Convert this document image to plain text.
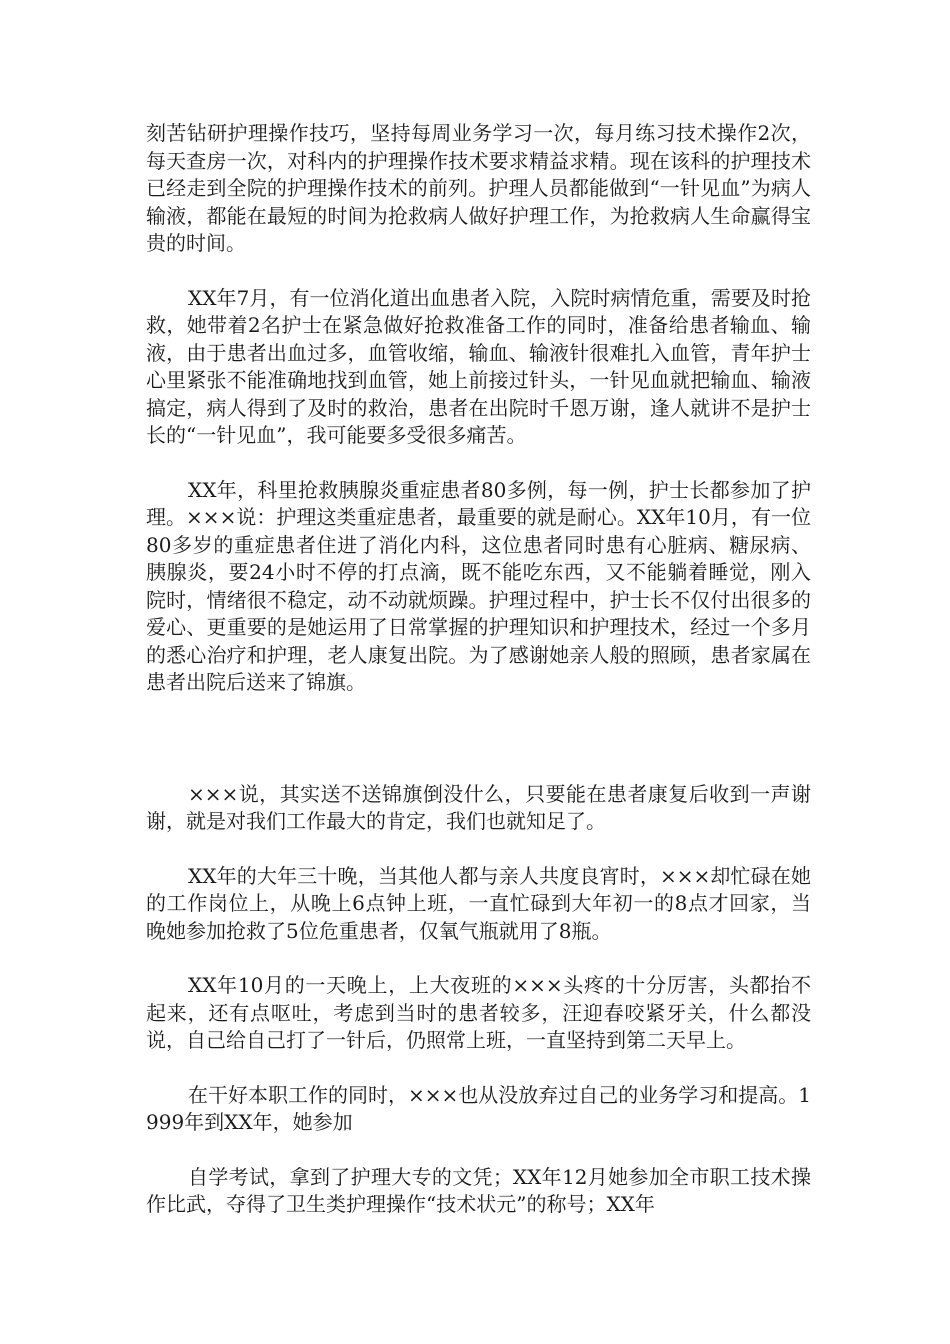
刻苦钻研护理操作技巧，坚持每周业务学习一次，每月练习技术操作2次，每天查房一次，对科内的护理操作技术要求精益求精。现在该科的护理技术已经走到全院的护理操作技术的前列。护理人员都能做到“一针见血”为病人输液，都能在最短的时间为抢救病人做好护理工作，为抢救病人生命赢得宝贵的时间。

XX年7月，有一位消化道出血患者入院，入院时病情危重，需要及时抢救，她带着2名护士在紧急做好抢救准备工作的同时，准备给患者输血、输液，由于患者出血过多，血管收缩，输血、输液针很难扎入血管，青年护士心里紧张不能准确地找到血管，她上前接过针头，一针见血就把输血、输液搞定，病人得到了及时的救治，患者在出院时千恩万谢，逢人就讲不是护士长的“一针见血”，我可能要多受很多痛苦。

XX年，科里抢救胰腺炎重症患者80多例，每一例，护士长都参加了护理。×××说：护理这类重症患者，最重要的就是耐心。XX年10月，有一位80多岁的重症患者住进了消化内科，这位患者同时患有心脏病、糖尿病、胰腺炎，要24小时不停的打点滴，既不能吃东西，又不能躺着睡觉，刚入院时，情绪很不稳定，动不动就烦躁。护理过程中，护士长不仅付出很多的爱心、更重要的是她运用了日常掌握的护理知识和护理技术，经过一个多月的悉心治疗和护理，老人康复出院。为了感谢她亲人般的照顾，患者家属在患者出院后送来了锦旗。

×××说，其实送不送锦旗倒没什么，只要能在患者康复后收到一声谢谢，就是对我们工作最大的肯定，我们也就知足了。

XX年的大年三十晚，当其他人都与亲人共度良宵时，×××却忙碌在她的工作岗位上，从晚上6点钟上班，一直忙碌到大年初一的8点才回家，当晚她参加抢救了5位危重患者，仅氧气瓶就用了8瓶。

XX年10月的一天晚上，上大夜班的×××头疼的十分厉害，头都抬不起来，还有点呕吐，考虑到当时的患者较多，汪迎春咬紧牙关，什么都没说，自己给自己打了一针后，仍照常上班，一直坚持到第二天早上。

在干好本职工作的同时，×××也从没放弃过自己的业务学习和提高。1999年到XX年，她参加

自学考试，拿到了护理大专的文凭；XX年12月她参加全市职工技术操作比武，夺得了卫生类护理操作“技术状元”的称号；XX年
